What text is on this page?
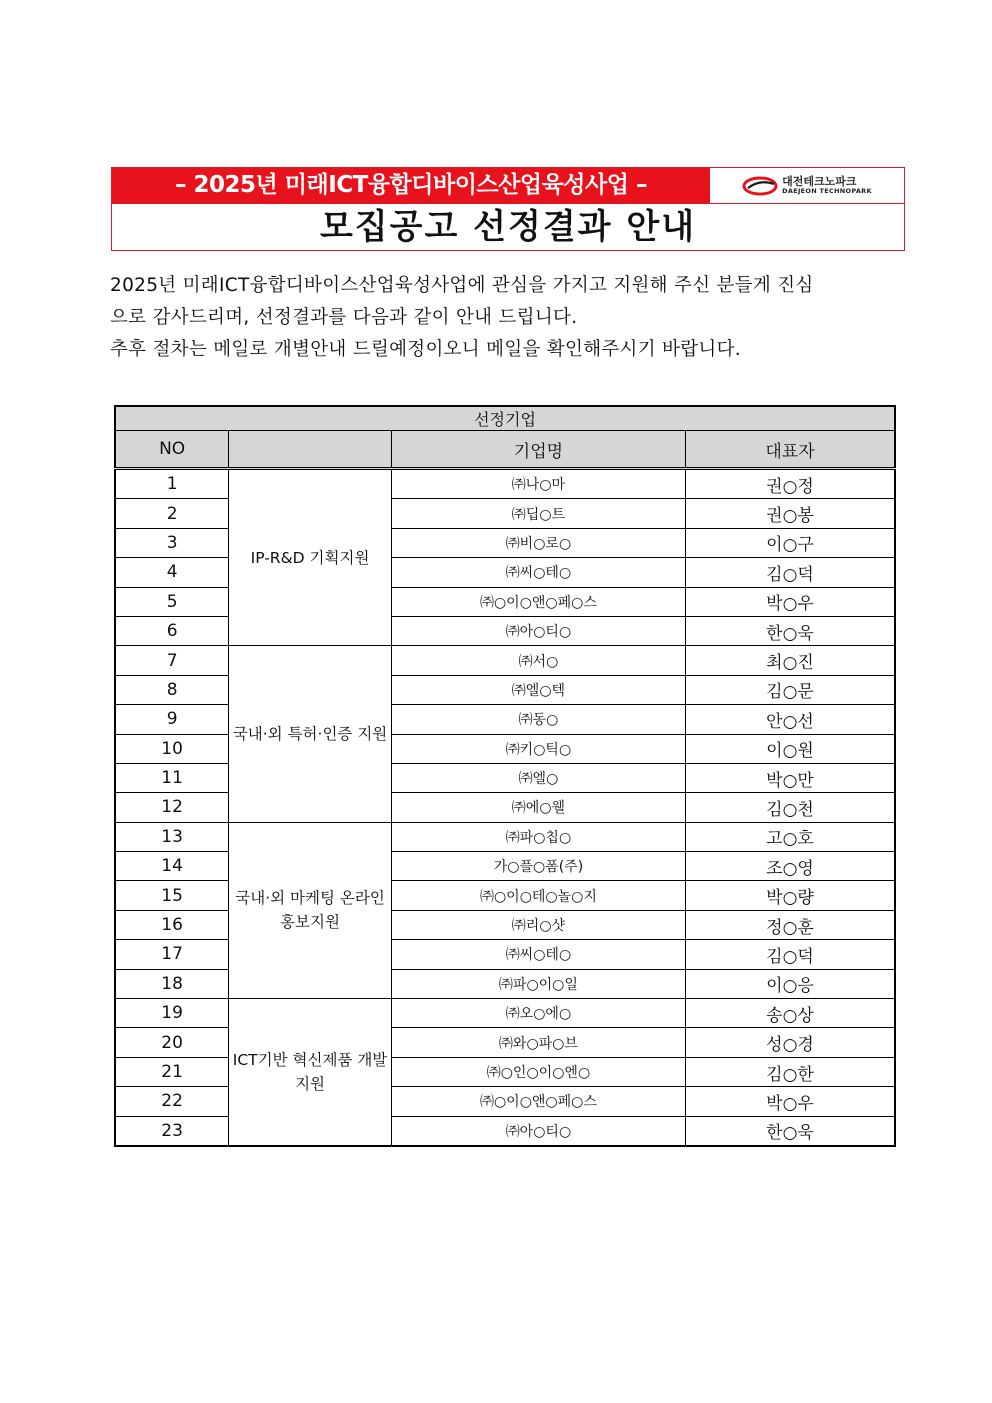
– 2025년 미래ICT융합디바이스산업육성사업 –	대전테크노파크
DAEJEON TECHNOPARK
모집공고 선정결과 안내

2025년 미래ICT융합디바이스산업육성사업에 관심을 가지고 지원해 주신 분들게 진심

으로 감사드리며, 선정결과를 다음과 같이 안내 드립니다.

추후 절차는 메일로 개별안내 드릴예정이오니 메일을 확인해주시기 바랍니다.

선정기업			
NO		기업명	대표자
1	IP-R&D 기획지원	㈜나○마	권○정
2		㈜딥○트	권○봉
3		㈜비○로○	이○구
4		㈜씨○테○	김○덕
5		㈜○이○앤○페○스	박○우
6		㈜아○티○	한○욱
7	국내·외 특허·인증 지원	㈜서○	최○진
8		㈜엘○텍	김○문
9		㈜동○	안○선
10		㈜키○틱○	이○원
11		㈜엘○	박○만
12		㈜에○웰	김○천
13	국내·외 마케팅 온라인 홍보지원	㈜파○칩○	고○호
14		가○플○폼(주)	조○영
15		㈜○이○테○놀○지	박○량
16		㈜리○샷	정○훈
17		㈜씨○테○	김○덕
18		㈜파○이○일	이○응
19	ICT기반 혁신제품 개발지원	㈜오○에○	송○상
20		㈜와○파○브	성○경
21		㈜○인○이○엔○	김○한
22		㈜○이○앤○페○스	박○우
23		㈜아○티○	한○욱
